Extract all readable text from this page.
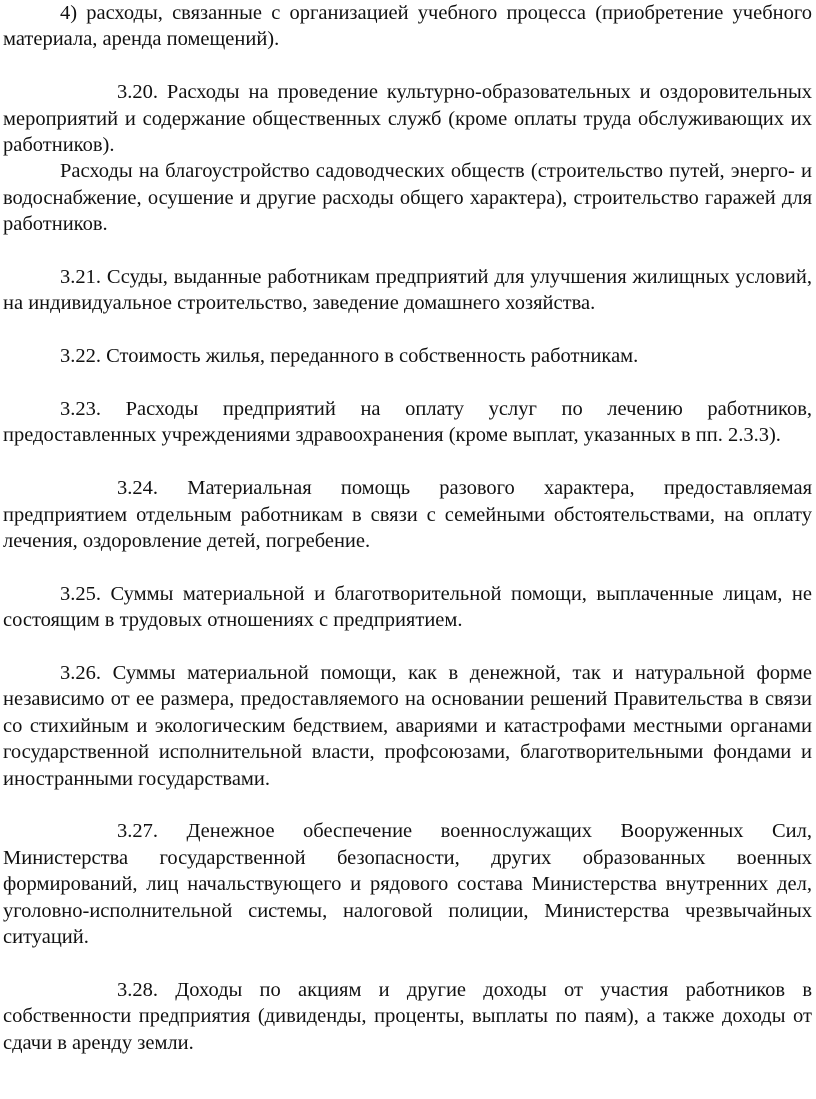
4) расходы, связанные с организацией учебного процесса (приобретение учебного материала, аренда помещений).

3.20. Расходы на проведение культурно-образовательных и оздоровительных мероприятий и содержание общественных служб (кроме оплаты труда обслуживающих их работников).

Расходы на благоустройство садоводческих обществ (строительство путей, энерго- и водоснабжение, осушение и другие расходы общего характера), строительство гаражей для работников.

3.21. Ссуды, выданные работникам предприятий для улучшения жилищных условий, на индивидуальное строительство, заведение домашнего хозяйства.

3.22. Стоимость жилья, переданного в собственность работникам.

3.23. Расходы предприятий на оплату услуг по лечению работников, предоставленных учреждениями здравоохранения (кроме выплат, указанных в пп. 2.3.3).

3.24. Материальная помощь разового характера, предоставляемая предприятием отдельным работникам в связи с семейными обстоятельствами, на оплату лечения, оздоровление детей, погребение.

3.25. Суммы материальной и благотворительной помощи, выплаченные лицам, не состоящим в трудовых отношениях с предприятием.

3.26. Суммы материальной помощи, как в денежной, так и натуральной форме независимо от ее размера, предоставляемого на основании решений Правительства в связи со стихийным и экологическим бедствием, авариями и катастрофами местными органами государственной исполнительной власти, профсоюзами, благотворительными фондами и иностранными государствами.

3.27. Денежное обеспечение военнослужащих Вооруженных Сил, Министерства государственной безопасности, других образованных военных формирований, лиц начальствующего и рядового состава Министерства внутренних дел, уголовно-исполнительной системы, налоговой полиции, Министерства чрезвычайных ситуаций.

3.28. Доходы по акциям и другие доходы от участия работников в собственности предприятия (дивиденды, проценты, выплаты по паям), а также доходы от сдачи в аренду земли.
